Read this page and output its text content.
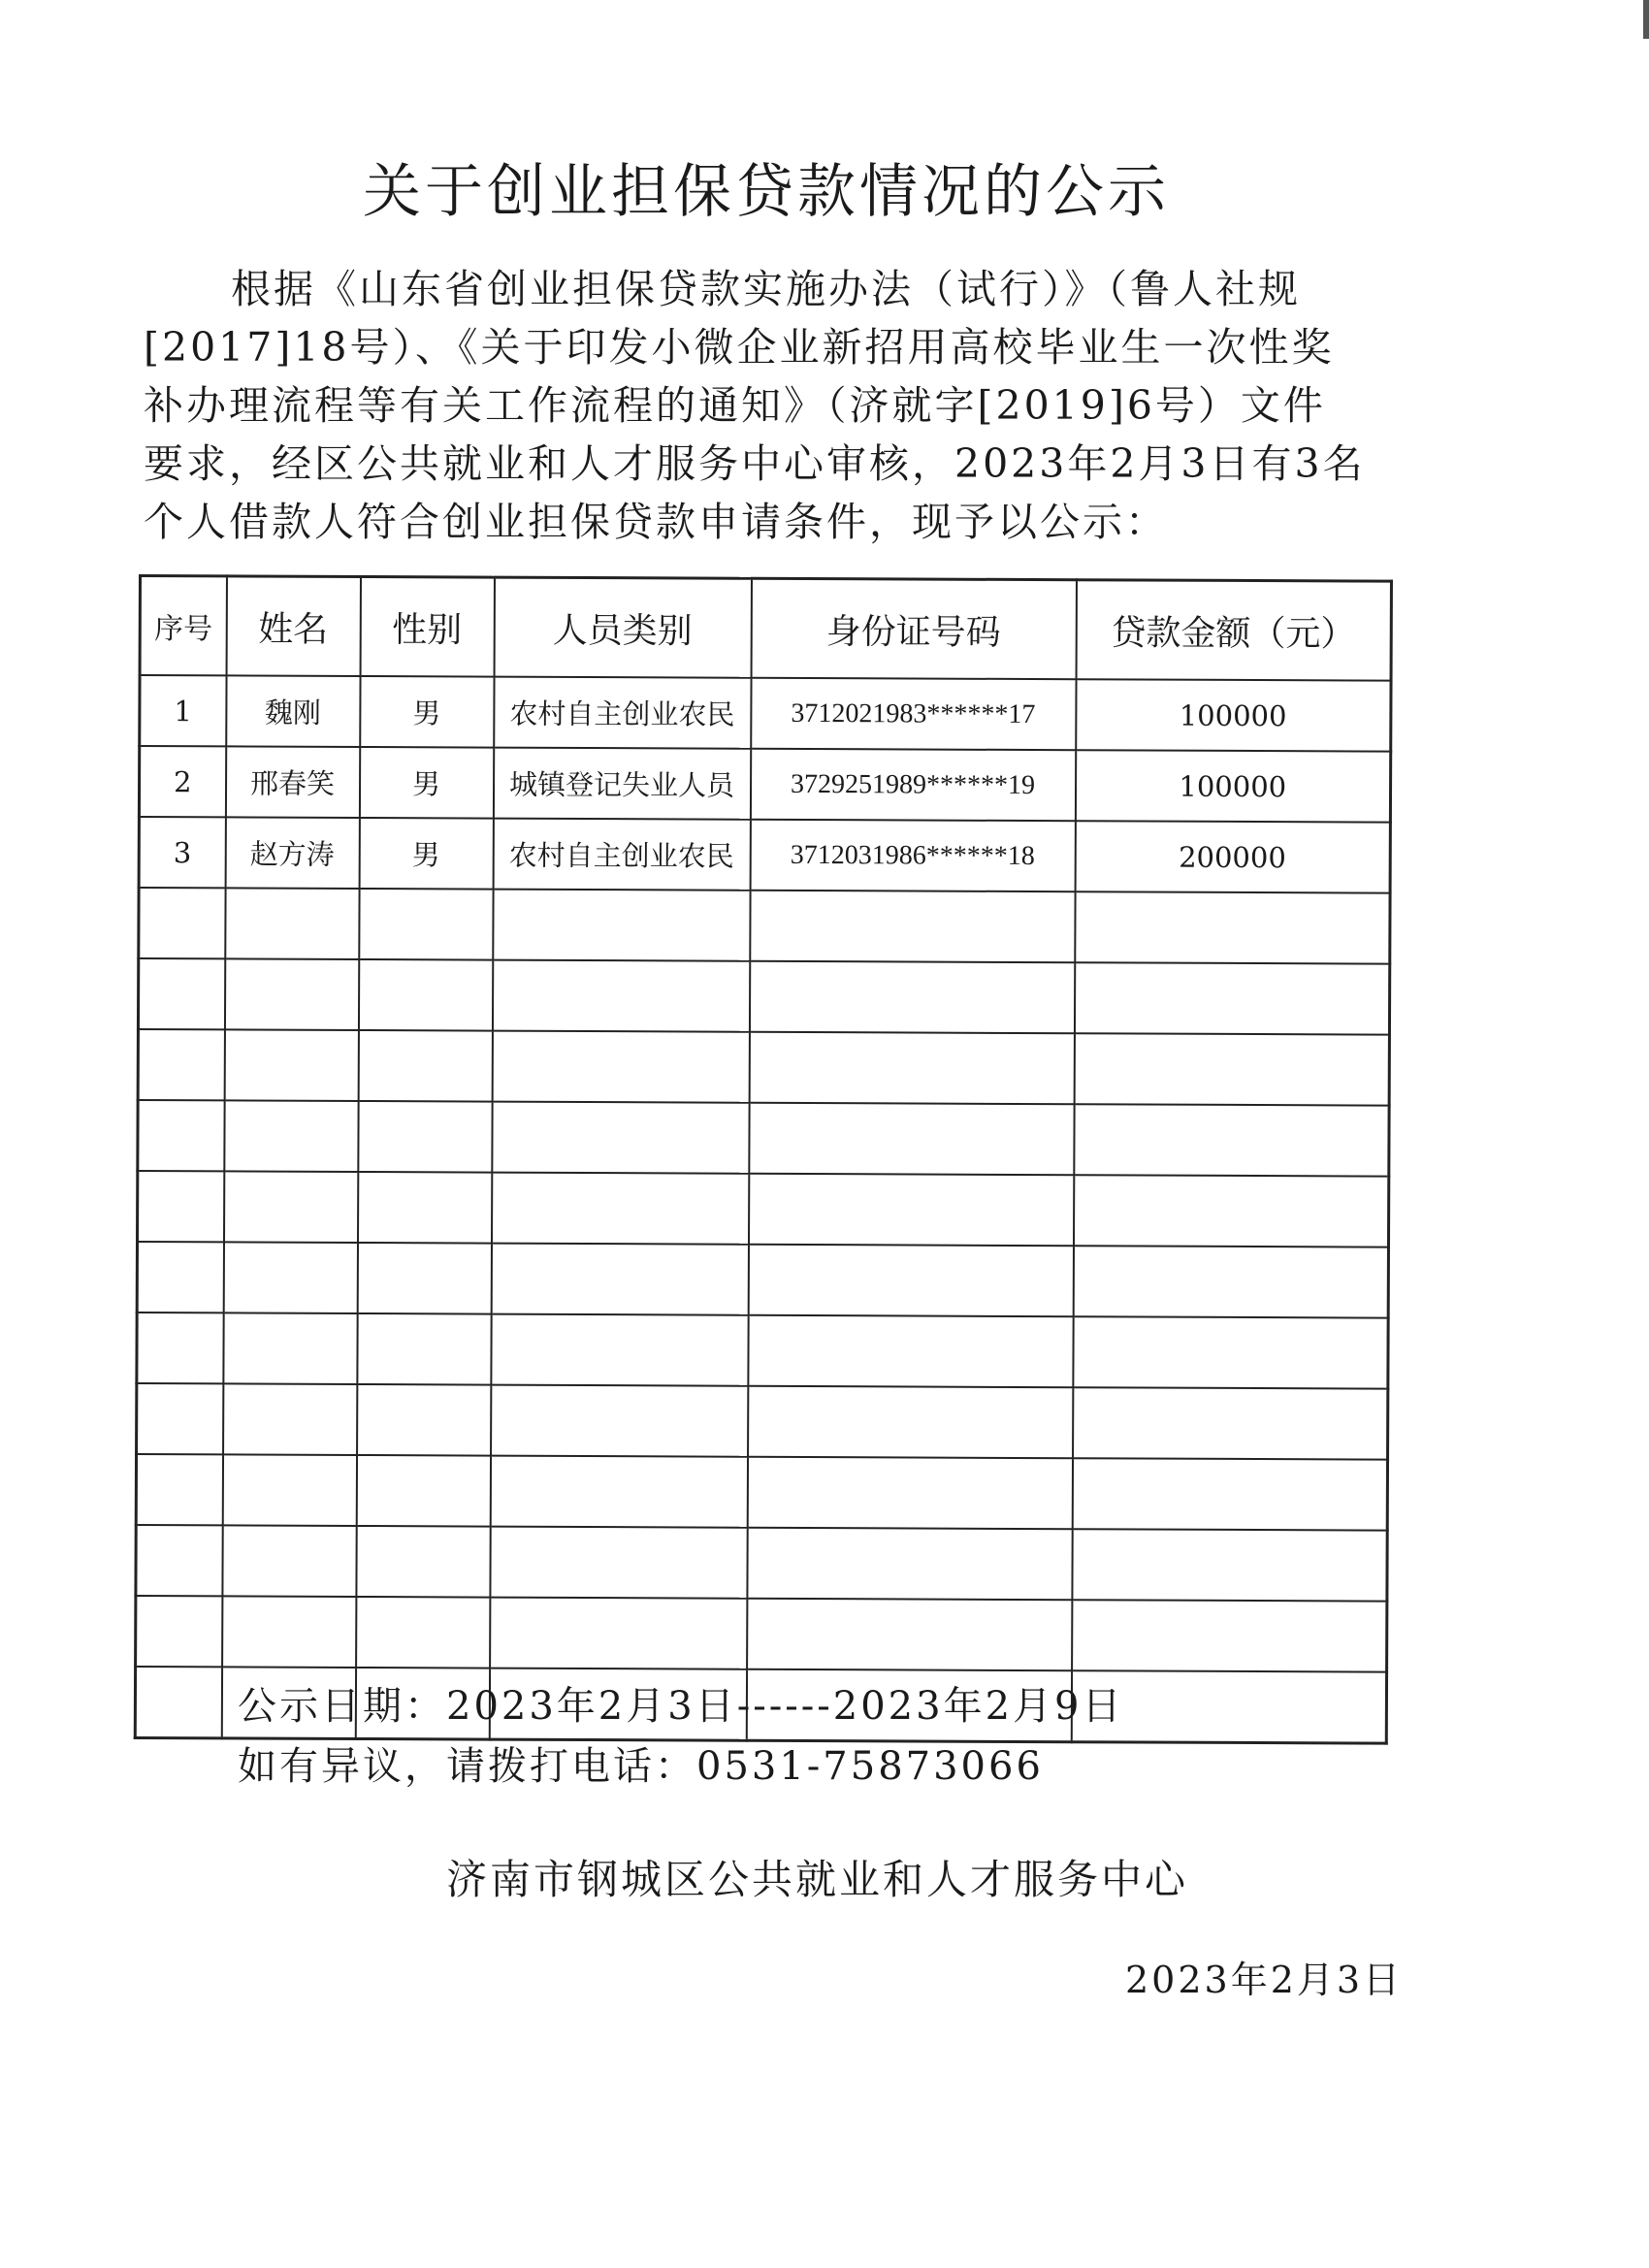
关于创业担保贷款情况的公示

根据《山东省创业担保贷款实施办法（试行）》（鲁人社规

[2017]18号）、《关于印发小微企业新招用高校毕业生一次性奖

补办理流程等有关工作流程的通知》（济就字[2019]6号）文件

要求，经区公共就业和人才服务中心审核，2023年2月3日有3名

个人借款人符合创业担保贷款申请条件，现予以公示：

序号	姓名	性别	人员类别	身份证号码	贷款金额（元）
1	魏刚	男	农村自主创业农民	3712021983******17	100000
2	邢春笑	男	城镇登记失业人员	3729251989******19	100000
3	赵方涛	男	农村自主创业农民	3712031986******18	200000

公示日期：2023年2月3日------2023年2月9日

如有异议，请拨打电话：0531-75873066

济南市钢城区公共就业和人才服务中心
2023年2月3日
